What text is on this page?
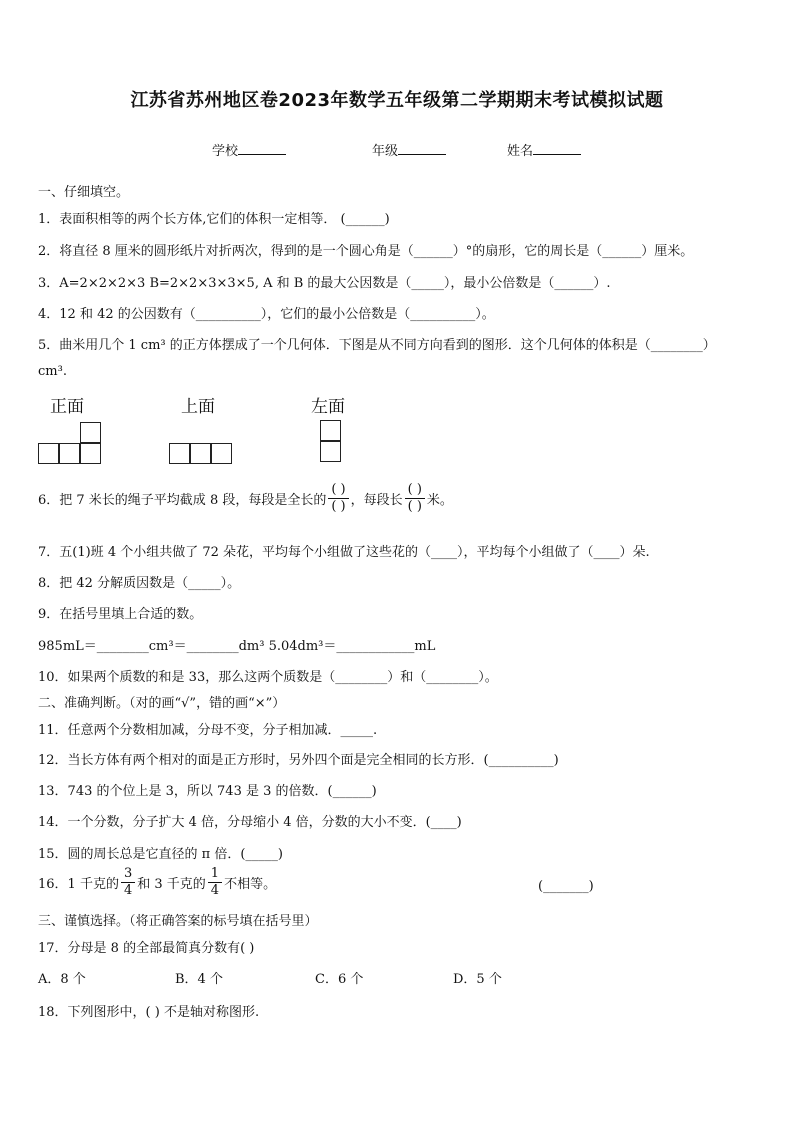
江苏省苏州地区卷2023年数学五年级第二学期期末考试模拟试题
学校	年级	姓名
一、仔细填空。
1．表面积相等的两个长方体,它们的体积一定相等． (______)
2．将直径 8 厘米的圆形纸片对折两次，得到的是一个圆心角是（______）°的扇形，它的周长是（______）厘米。
3．A=2×2×2×3 B=2×2×3×3×5, A 和 B 的最大公因数是（_____），最小公倍数是（______）.
4．12 和 42 的公因数有（__________），它们的最小公倍数是（__________）。
5．曲米用几个 1 cm³ 的正方体摆成了一个几何体．下图是从不同方向看到的图形．这个几何体的体积是（________）
cm³.
正面	上面	左面
6．把 7 米长的绳子平均截成 8 段，每段是全长的 $\frac{( )}{( )}$ ，每段长 $\frac{( )}{( )}$ 米。
7．五(1)班 4 个小组共做了 72 朵花，平均每个小组做了这些花的（____），平均每个小组做了（____）朵.
8．把 42 分解质因数是（_____）。
9．在括号里填上合适的数。
985mL＝________cm³＝________dm³ 5.04dm³＝____________mL
10．如果两个质数的和是 33，那么这两个质数是（________）和（________）。
二、准确判断。（对的画“√”，错的画“×”）
11．任意两个分数相加减，分母不变，分子相加减．_____.
12．当长方体有两个相对的面是正方形时，另外四个面是完全相同的长方形．(__________)
13．743 的个位上是 3，所以 743 是 3 的倍数．(______)
14．一个分数，分子扩大 4 倍，分母缩小 4 倍，分数的大小不变．(____)
15．圆的周长总是它直径的 π 倍．(_____)
16．1 千克的 $\frac{3}{4}$ 和 3 千克的 $\frac{1}{4}$ 不相等。	(_______)
三、谨慎选择。（将正确答案的标号填在括号里）
17．分母是 8 的全部最简真分数有( )
A．8 个	B．4 个	C．6 个	D．5 个
18．下列图形中，( ) 不是轴对称图形.
